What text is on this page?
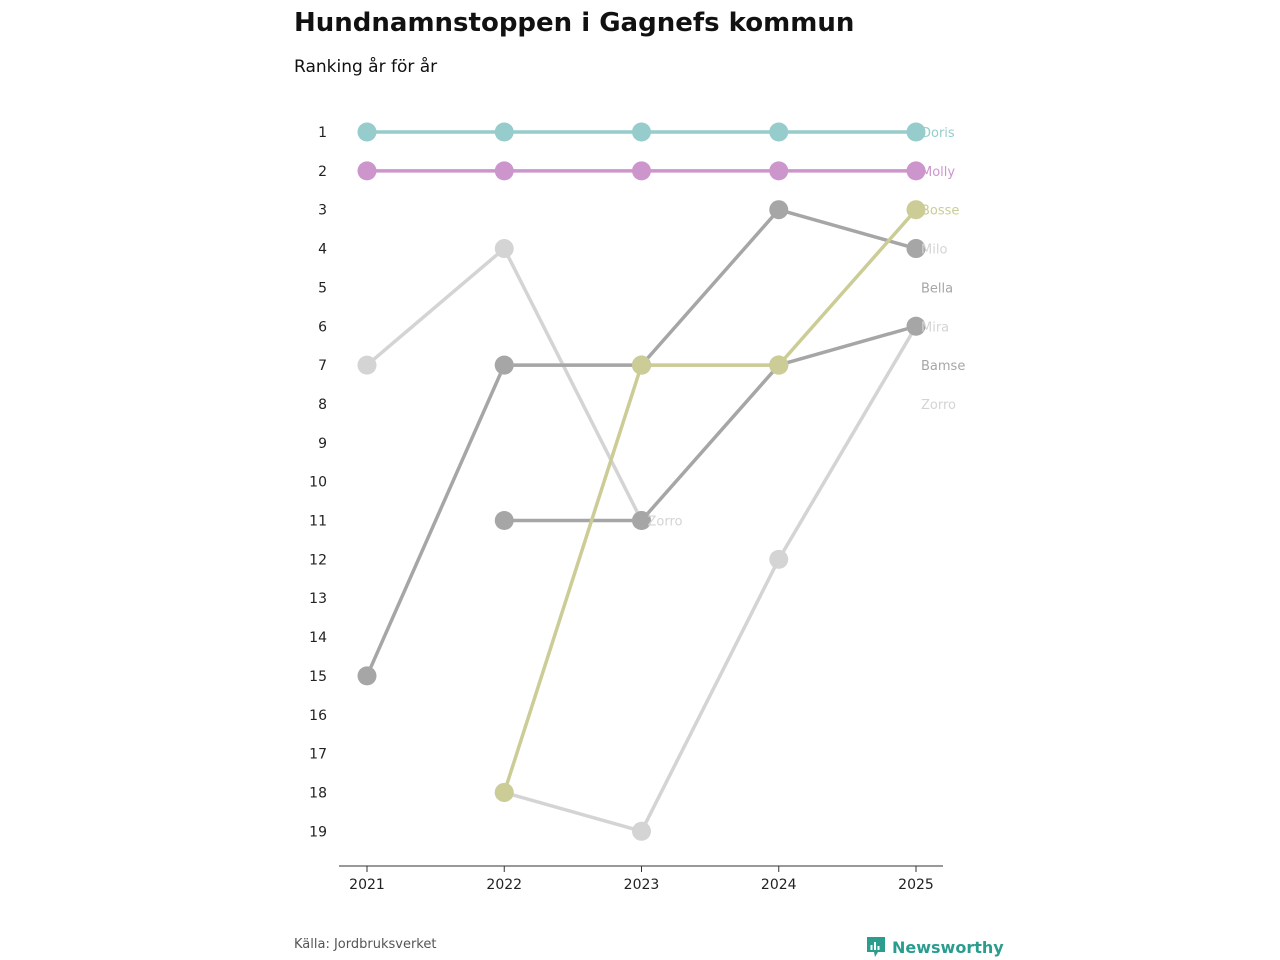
Hundnamnstoppen i Gagnefs kommun
Ranking år för år
1
2
3
4
5
6
7
8
9
10
11
12
13
14
15
16
17
18
19
2021	2022	2023	2024	2025
Doris
Molly
Bosse
Milo
Bella
Mira
Bamse
Zorro
Zorro
Källa: Jordbruksverket	Newsworthy
